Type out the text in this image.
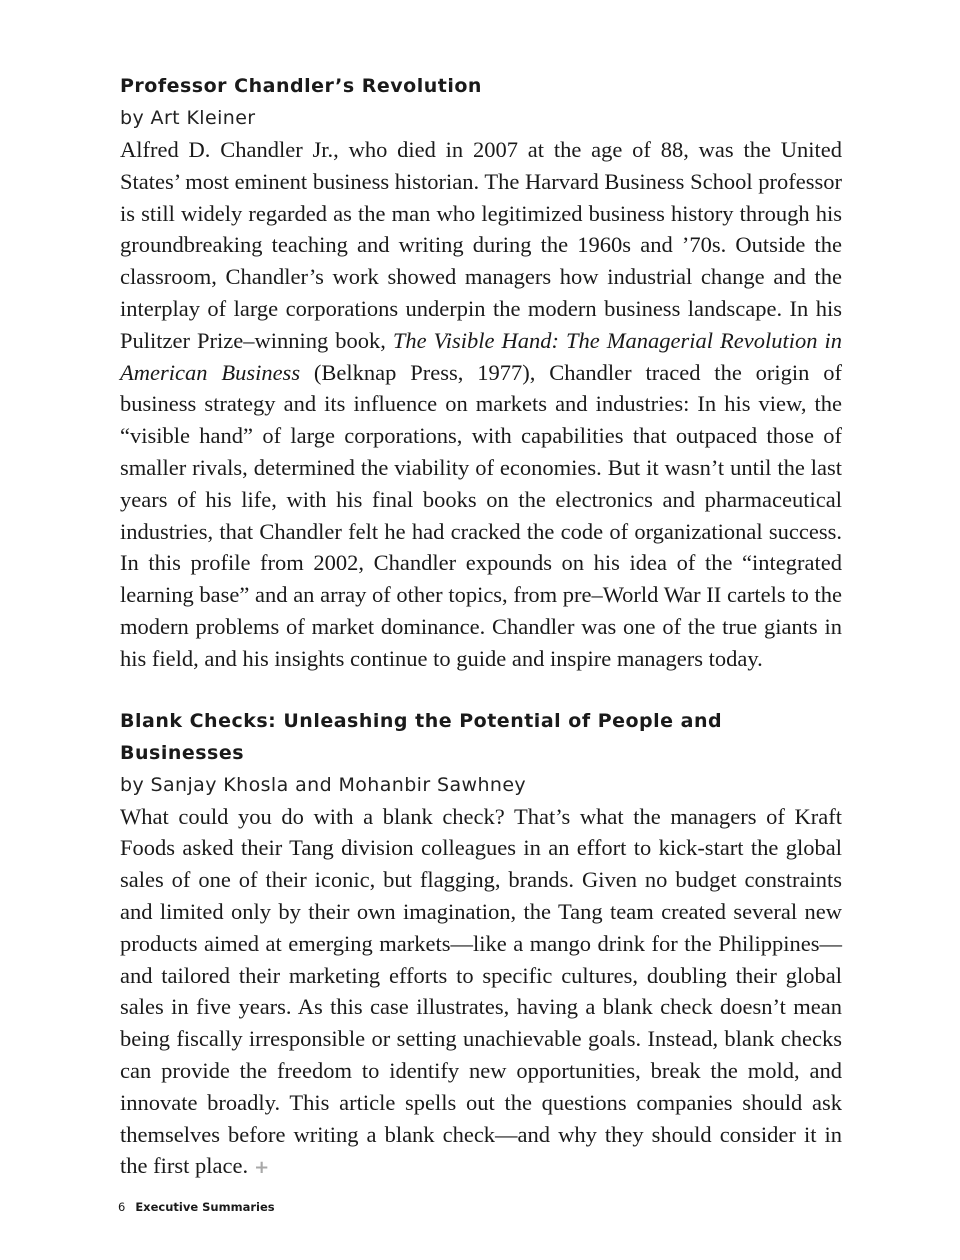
Professor Chandler’s Revolution

by Art Kleiner

Alfred D. Chandler Jr., who died in 2007 at the age of 88, was the United States’ most eminent business historian. The Harvard Business School professor is still widely regarded as the man who legitimized business history through his groundbreaking teaching and writing during the 1960s and ’70s. Outside the classroom, Chandler’s work showed managers how industrial change and the interplay of large corporations underpin the modern business landscape. In his Pulitzer Prize–winning book, The Visible Hand: The Managerial Revolution in American Business (Belknap Press, 1977), Chandler traced the origin of business strategy and its influence on markets and industries: In his view, the “visible hand” of large corporations, with capabilities that outpaced those of smaller rivals, determined the viability of economies. But it wasn’t until the last years of his life, with his final books on the electronics and pharmaceutical industries, that Chandler felt he had cracked the code of organizational success. In this profile from 2002, Chandler expounds on his idea of the “integrated learning base” and an array of other topics, from pre–World War II cartels to the modern problems of market dominance. Chandler was one of the true giants in his field, and his insights continue to guide and inspire managers today.

Blank Checks: Unleashing the Potential of People and Businesses

by Sanjay Khosla and Mohanbir Sawhney

What could you do with a blank check? That’s what the managers of Kraft Foods asked their Tang division colleagues in an effort to kick-start the global sales of one of their iconic, but flagging, brands. Given no budget constraints and limited only by their own imagination, the Tang team created several new products aimed at emerging markets—like a mango drink for the Philippines—and tailored their marketing efforts to specific cultures, doubling their global sales in five years. As this case illustrates, having a blank check doesn’t mean being fiscally irresponsible or setting unachievable goals. Instead, blank checks can provide the freedom to identify new opportunities, break the mold, and innovate broadly. This article spells out the questions companies should ask themselves before writing a blank check—and why they should consider it in the first place. +

6 Executive Summaries
